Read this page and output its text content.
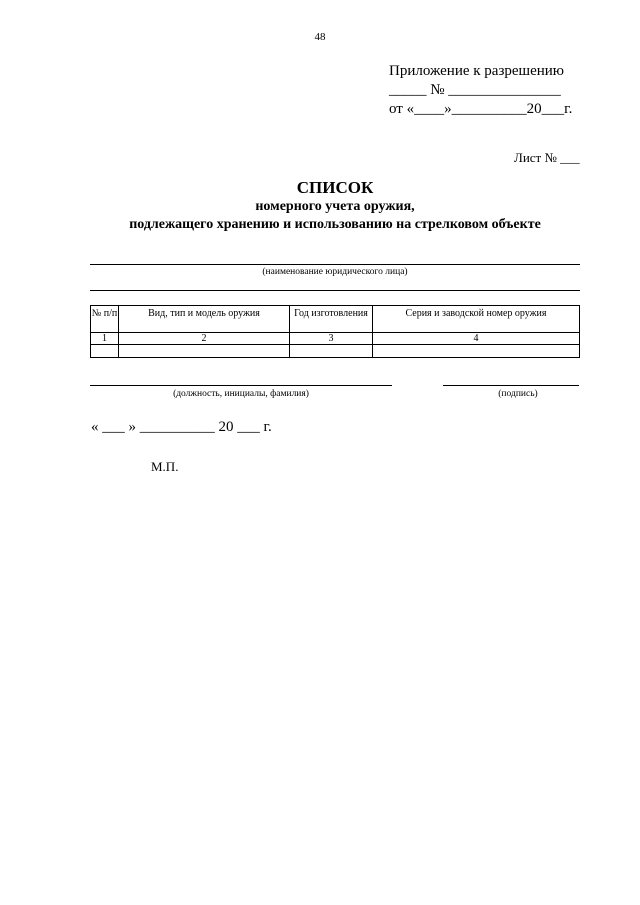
48
Приложение к разрешению
_____ № _______________
от «____»__________20___г.
Лист № ___
СПИСОК
номерного учета оружия,
подлежащего хранению и использованию на стрелковом объекте
(наименование юридического лица)
№ п/п	Вид, тип и модель оружия	Год изготовления	Серия и заводской номер оружия
1	2	3	4

(должность, инициалы, фамилия)	(подпись)
« ___ » __________ 20 ___ г.
М.П.
